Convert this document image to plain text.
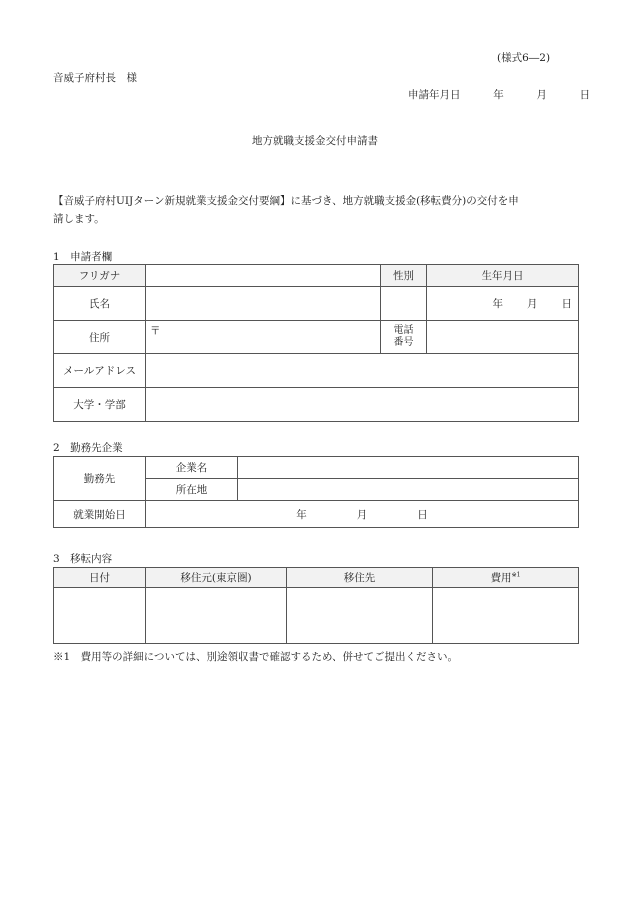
(様式6―2)
音威子府村長　様
申請年月日	年	月	日
地方就職支援金交付申請書
【音威子府村UIJターン新規就業支援金交付要綱】に基づき、地方就職支援金(移転費分)の交付を申
請します。
1　申請者欄
フリガナ		性別	生年月日
氏名			年 月 日
住所	〒	電話
番号	

メールアドレス			
大学・学部			
2　勤務先企業
勤務先	企業名	
	所在地	
就業開始日	年 月 日	
3　移転内容
日付	移住元(東京圏)	移住先	費用$^{※1}$

※1　費用等の詳細については、別途領収書で確認するため、併せてご提出ください。
